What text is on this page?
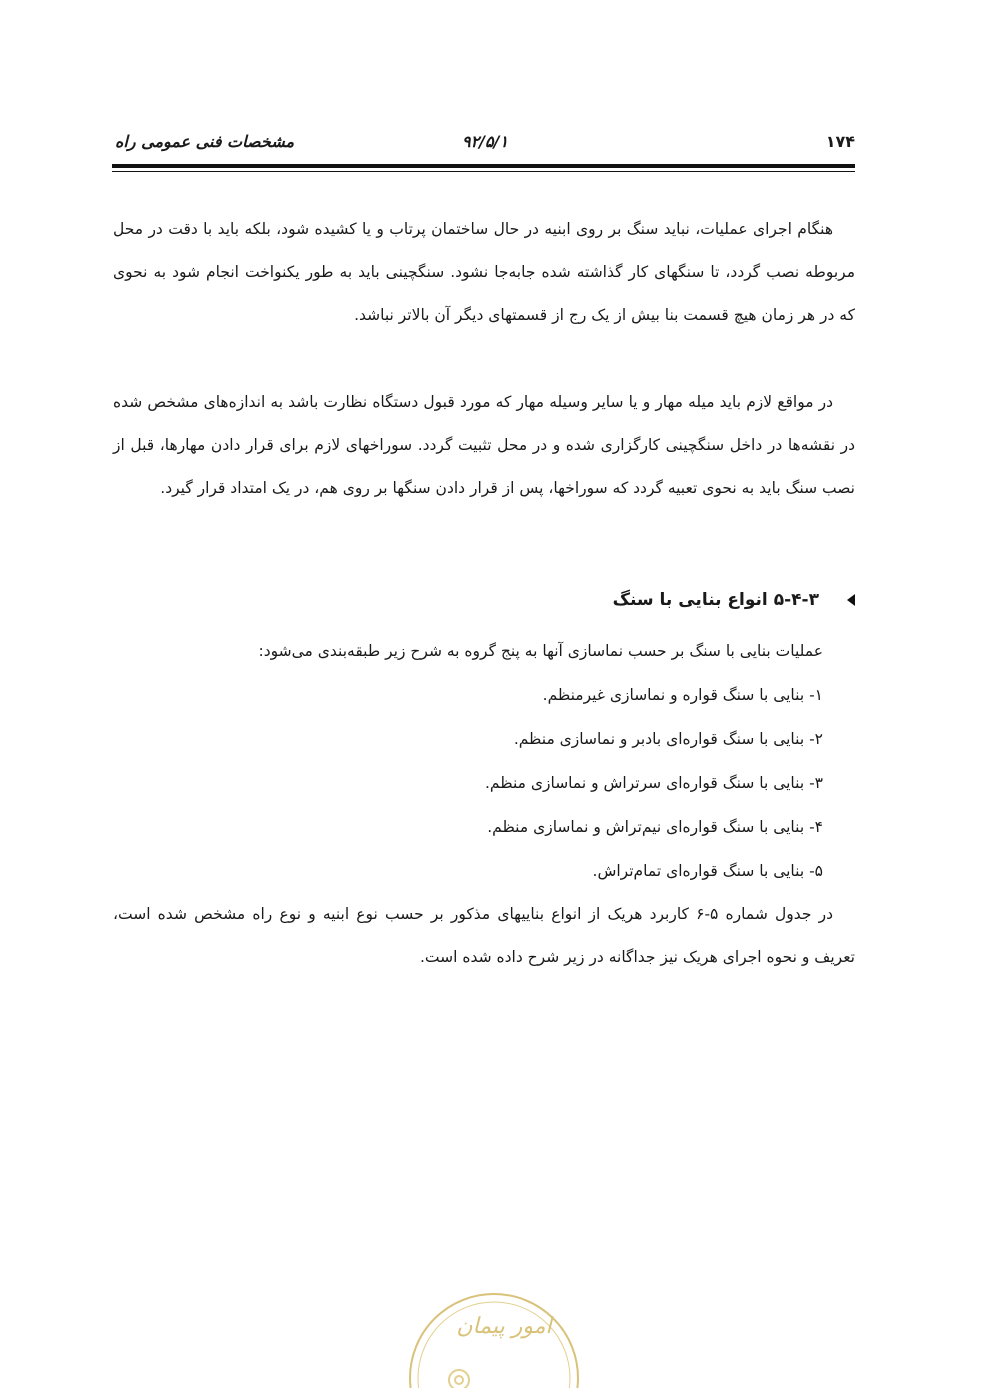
۱۷۴
۹۲/۵/۱
مشخصات فنی عمومی راه

هنگام اجرای عملیات، نباید سنگ بر روی ابنیه در حال ساختمان پرتاب و یا کشیده شود، بلکه باید با دقت در محل مربوطه نصب گردد، تا سنگهای کار گذاشته شده جابه‌جا نشود. سنگچینی باید به طور یکنواخت انجام شود به نحوی که در هر زمان هیچ قسمت بنا بیش از یک رج از قسمتهای دیگر آن بالاتر نباشد.

در مواقع لازم باید میله مهار و یا سایر وسیله مهار که مورد قبول دستگاه نظارت باشد به اندازه‌های مشخص شده در نقشه‌ها در داخل سنگچینی کارگزاری شده و در محل تثبیت گردد. سوراخهای لازم برای قرار دادن مهارها، قبل از نصب سنگ باید به نحوی تعبیه گردد که سوراخها، پس از قرار دادن سنگها بر روی هم، در یک امتداد قرار گیرد.

۵-۴-۳
انواع بنایی با سنگ

عملیات بنایی با سنگ بر حسب نماسازی آنها به پنج گروه به شرح زیر طبقه‌بندی می‌شود:

۱- بنایی با سنگ قواره و نماسازی غیرمنظم.
۲- بنایی با سنگ قواره‌ای بادبر و نماسازی منظم.
۳- بنایی با سنگ قواره‌ای سرتراش و نماسازی منظم.
۴- بنایی با سنگ قواره‌ای نیم‌تراش و نماسازی منظم.
۵- بنایی با سنگ قواره‌ای تمام‌تراش.

در جدول شماره ۵-۶ کاربرد هریک از انواع بناییهای مذکور بر حسب نوع ابنیه و نوع راه مشخص شده است، تعریف و نحوه اجرای هریک نیز جداگانه در زیر شرح داده شده است.

امور پیمان
